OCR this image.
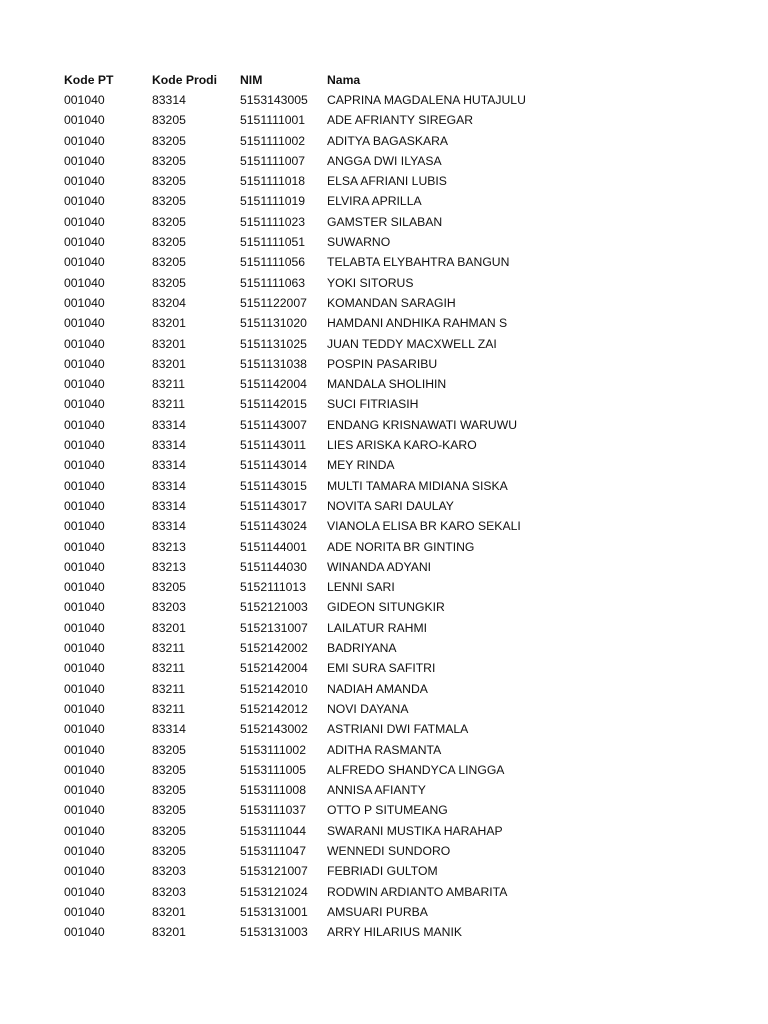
Kode PT	Kode Prodi	NIM	Nama
001040	83314	5153143005	CAPRINA MAGDALENA HUTAJULU
001040	83205	5151111001	ADE AFRIANTY SIREGAR
001040	83205	5151111002	ADITYA BAGASKARA
001040	83205	5151111007	ANGGA DWI ILYASA
001040	83205	5151111018	ELSA AFRIANI LUBIS
001040	83205	5151111019	ELVIRA APRILLA
001040	83205	5151111023	GAMSTER SILABAN
001040	83205	5151111051	SUWARNO
001040	83205	5151111056	TELABTA ELYBAHTRA BANGUN
001040	83205	5151111063	YOKI SITORUS
001040	83204	5151122007	KOMANDAN SARAGIH
001040	83201	5151131020	HAMDANI ANDHIKA RAHMAN S
001040	83201	5151131025	JUAN TEDDY MACXWELL ZAI
001040	83201	5151131038	POSPIN PASARIBU
001040	83211	5151142004	MANDALA SHOLIHIN
001040	83211	5151142015	SUCI FITRIASIH
001040	83314	5151143007	ENDANG KRISNAWATI WARUWU
001040	83314	5151143011	LIES ARISKA KARO-KARO
001040	83314	5151143014	MEY RINDA
001040	83314	5151143015	MULTI TAMARA MIDIANA SISKA
001040	83314	5151143017	NOVITA SARI DAULAY
001040	83314	5151143024	VIANOLA ELISA BR KARO SEKALI
001040	83213	5151144001	ADE NORITA BR GINTING
001040	83213	5151144030	WINANDA ADYANI
001040	83205	5152111013	LENNI SARI
001040	83203	5152121003	GIDEON SITUNGKIR
001040	83201	5152131007	LAILATUR RAHMI
001040	83211	5152142002	BADRIYANA
001040	83211	5152142004	EMI SURA SAFITRI
001040	83211	5152142010	NADIAH AMANDA
001040	83211	5152142012	NOVI DAYANA
001040	83314	5152143002	ASTRIANI DWI FATMALA
001040	83205	5153111002	ADITHA RASMANTA
001040	83205	5153111005	ALFREDO SHANDYCA LINGGA
001040	83205	5153111008	ANNISA AFIANTY
001040	83205	5153111037	OTTO P SITUMEANG
001040	83205	5153111044	SWARANI MUSTIKA HARAHAP
001040	83205	5153111047	WENNEDI SUNDORO
001040	83203	5153121007	FEBRIADI GULTOM
001040	83203	5153121024	RODWIN ARDIANTO AMBARITA
001040	83201	5153131001	AMSUARI PURBA
001040	83201	5153131003	ARRY HILARIUS MANIK
